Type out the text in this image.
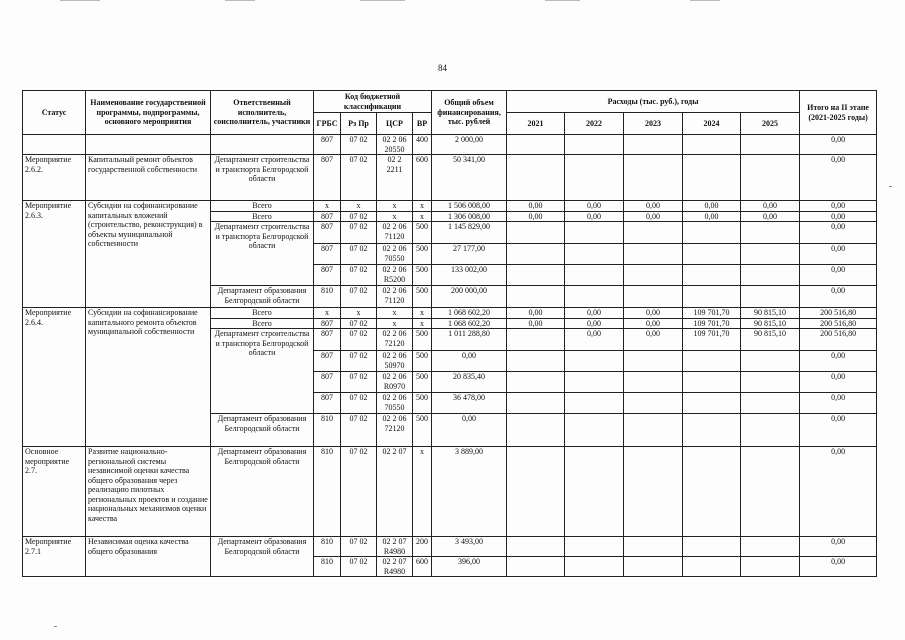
84
Статус	Наименование государственной программы, подпрограммы, основного мероприятия	Ответственный исполнитель, соисполнитель, участники	Код бюджетной классификации				Общий объем финансирования, тыс. рублей	Расходы (тыс. руб.), годы					Итого на II этапе (2021-2025 годы)
			ГРБС	Рз Пр	ЦСР	ВР		2021	2022	2023	2024	2025	
			807	07 02	02 2 06 20550	400	2 000,00						0,00
Мероприятие 2.6.2.	Капитальный ремонт объектов государственной собственности	Департамент строительства и транспорта Белгородской области	807	07 02	02 2 2211	600	50 341,00						0,00
Мероприятие 2.6.3.	Субсидии на софинансирование капитальных вложений (строительство, реконструкция) в объекты муниципальной собственности	Всего	х	х	х	х	1 506 008,00	0,00	0,00	0,00	0,00	0,00	0,00
		Всего	807	07 02	х	х	1 306 008,00	0,00	0,00	0,00	0,00	0,00	0,00
		Департамент строительства и транспорта Белгородской области	807	07 02	02 2 06 71120	500	1 145 829,00						0,00
			807	07 02	02 2 06 70550	500	27 177,00						0,00
			807	07 02	02 2 06 R5200	500	133 002,00						0,00
		Департамент образования Белгородской области	810	07 02	02 2 06 71120	500	200 000,00						0,00
Мероприятие 2.6.4.	Субсидии на софинансирование капитального ремонта объектов муниципальной собственности	Всего	х	х	х	х	1 068 602,20	0,00	0,00	0,00	109 701,70	90 815,10	200 516,80
		Всего	807	07 02	х	х	1 068 602,20	0,00	0,00	0,00	109 701,70	90 815,10	200 516,80
		Департамент строительства и транспорта Белгородской области	807	07 02	02 2 06 72120	500	1 011 288,80		0,00	0,00	109 701,70	90 815,10	200 516,80
			807	07 02	02 2 06 50970	500	0,00						0,00
			807	07 02	02 2 06 R0970	500	20 835,40						0,00
			807	07 02	02 2 06 70550	500	36 478,00						0,00
		Департамент образования Белгородской области	810	07 02	02 2 06 72120	500	0,00						0,00
Основное мероприятие 2.7.	Развитие национально-региональной системы независимой оценки качества общего образования через реализацию пилотных региональных проектов и создание национальных механизмов оценки качества	Департамент образования Белгородской области	810	07 02	02 2 07	х	3 889,00						0,00
Мероприятие 2.7.1	Независимая оценка качества общего образования	Департамент образования Белгородской области	810	07 02	02 2 07 R4980	200	3 493,00						0,00
			810	07 02	02 2 07 R4980	600	396,00						0,00
